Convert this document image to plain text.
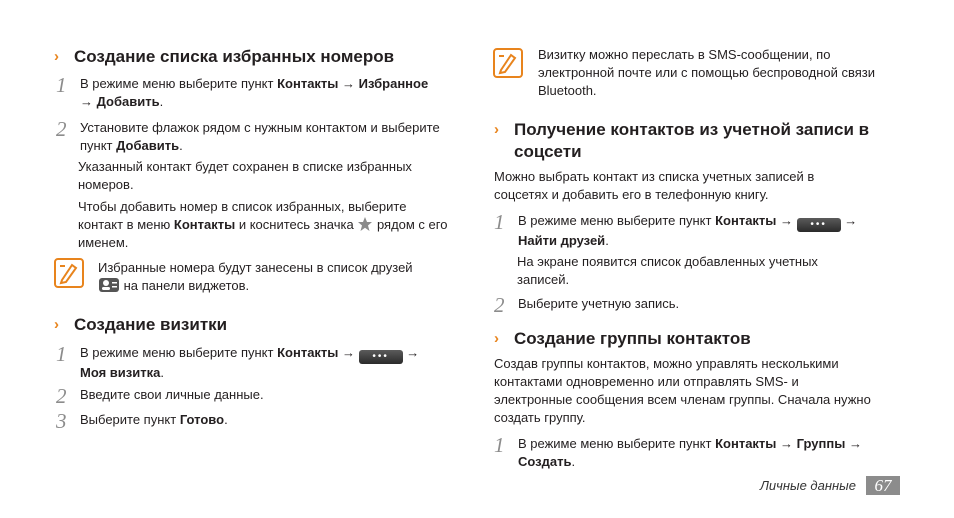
› Создание списка избранных номеров
1	В режиме меню выберите пункт Контакты → Избранное
→ Добавить.
2	Установите флажок рядом с нужным контактом и выберите пункт Добавить.
Указанный контакт будет сохранен в списке избранных номеров.
Чтобы добавить номер в список избранных, выберите контакт в меню Контакты и коснитесь значка  рядом с его именем.
Избранные номера будут занесены в список друзей
на панели виджетов.
› Создание визитки
1	В режиме меню выберите пункт Контакты → ••• →
Моя визитка.
2	Введите свои личные данные.
3	Выберите пункт Готово.
Визитку можно переслать в SMS-сообщении, по электронной почте или с помощью беспроводной связи Bluetooth.
› Получение контактов из учетной записи в соцсети
Можно выбрать контакт из списка учетных записей в соцсетях и добавить его в телефонную книгу.
1	В режиме меню выберите пункт Контакты → ••• →
Найти друзей.
На экране появится список добавленных учетных записей.
2	Выберите учетную запись.
› Создание группы контактов
Создав группы контактов, можно управлять несколькими контактами одновременно или отправлять SMS- и электронные сообщения всем членам группы. Сначала нужно создать группу.
1	В режиме меню выберите пункт Контакты → Группы →
Создать.
Личные данные	67
